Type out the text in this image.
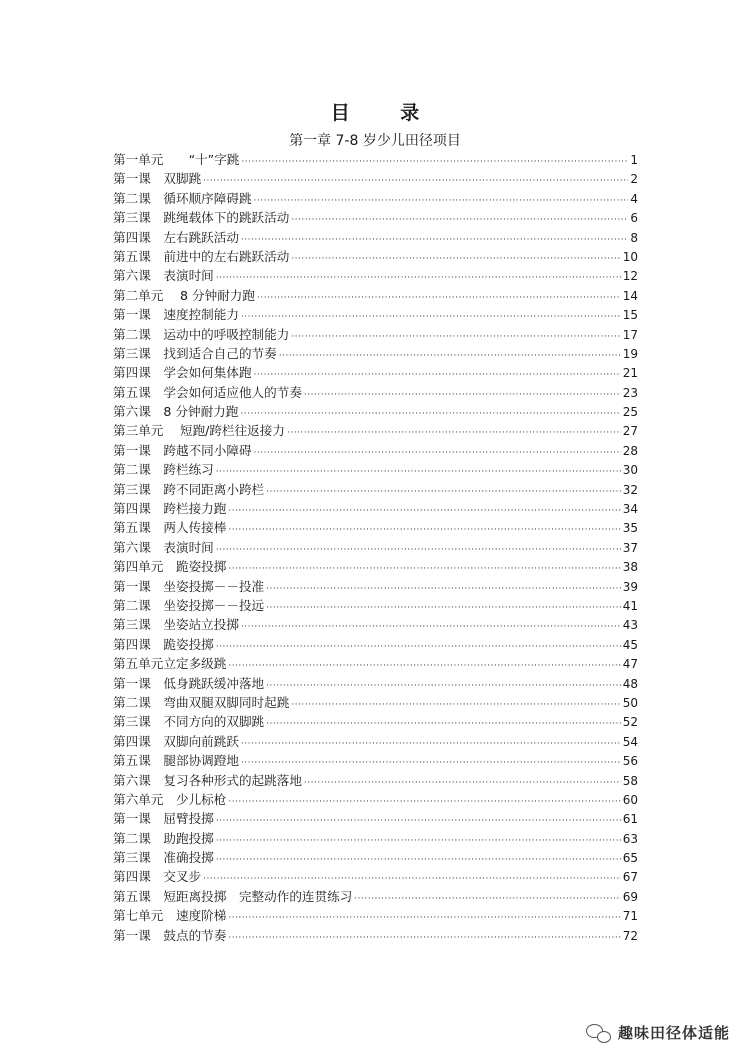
目 录
第一章 7-8 岁少儿田径项目
第一单元　　“十”字跳 ·····	1
第一课　双脚跳 ·····	2
第二课　循环顺序障碍跳 ·····	4
第三课　跳绳载体下的跳跃活动 ·····	6
第四课　左右跳跃活动 ·····	8
第五课　前进中的左右跳跃活动 ·····	10
第六课　表演时间 ·····	12
第二单元　 8 分钟耐力跑 ·····	14
第一课　速度控制能力 ·····	15
第二课　运动中的呼吸控制能力 ·····	17
第三课　找到适合自己的节奏 ·····	19
第四课　学会如何集体跑 ·····	21
第五课　学会如何适应他人的节奏 ·····	23
第六课　8 分钟耐力跑 ·····	25
第三单元　 短跑/跨栏往返接力 ·····	27
第一课　跨越不同小障碍 ·····	28
第二课　跨栏练习 ·····	30
第三课　跨不同距离小跨栏 ·····	32
第四课　跨栏接力跑 ·····	34
第五课　两人传接棒 ·····	35
第六课　表演时间 ·····	37
第四单元　跪姿投掷 ·····	38
第一课　坐姿投掷－－投准 ·····	39
第二课　坐姿投掷－－投远 ·····	41
第三课　坐姿站立投掷 ·····	43
第四课　跪姿投掷 ·····	45
第五单元立定多级跳 ·····	47
第一课　低身跳跃缓冲落地 ·····	48
第二课　弯曲双腿双脚同时起跳 ·····	50
第三课　不同方向的双脚跳 ·····	52
第四课　双脚向前跳跃 ·····	54
第五课　腿部协调蹬地 ·····	56
第六课　复习各种形式的起跳落地 ·····	58
第六单元　少儿标枪 ·····	60
第一课　屈臂投掷 ·····	61
第二课　助跑投掷 ·····	63
第三课　准确投掷 ·····	65
第四课　交叉步 ·····	67
第五课　短距离投掷　完整动作的连贯练习 ·····	69
第七单元　速度阶梯 ·····	71
第一课　鼓点的节奏 ·····	72
趣味田径体适能
